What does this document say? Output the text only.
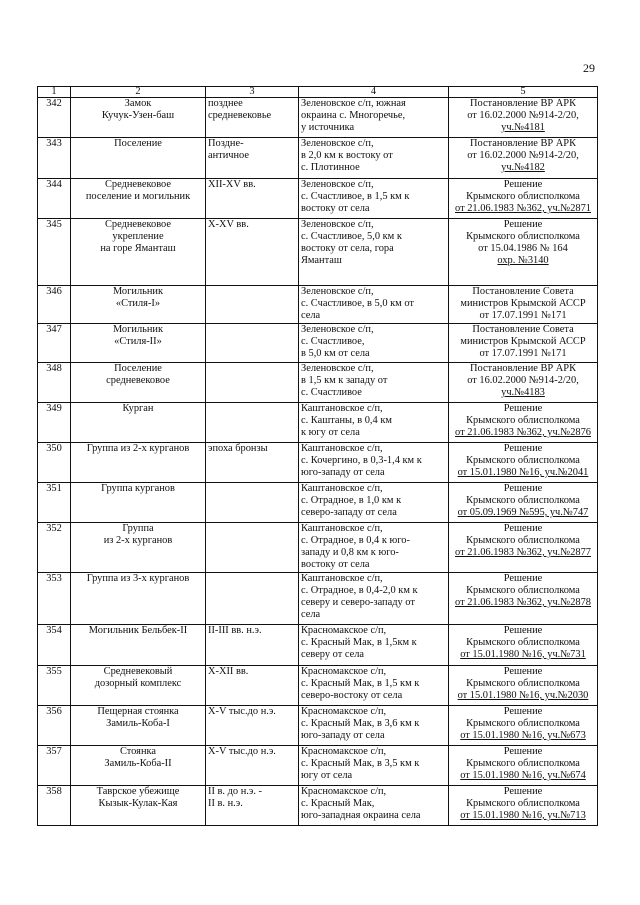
29
1	2	3	4	5
342	Замок
Кучук-Узен-баш	позднее
средневековье	Зеленовское с/п, южная
окраина с. Многоречье,
у источника	Постановление ВР АРК
от 16.02.2000 №914-2/20,
уч.№4181

343	Поселение	Поздне-
античное	Зеленовское с/п,
в 2,0 км к востоку от
с. Плотинное	Постановление ВР АРК
от 16.02.2000 №914-2/20,
уч.№4182

344	Средневековое
поселение и могильник	XII-XV вв.	Зеленовское с/п,
с. Счастливое, в 1,5 км к
востоку от села	Решение
Крымского облисполкома
от 21.06.1983 №362, уч.№2871

345	Средневековое
укрепление
на горе Яманташ	X-XV вв.	Зеленовское с/п,
с. Счастливое, 5,0 км к
востоку от села, гора
Яманташ	Решение
Крымского облисполкома
от 15.04.1986 № 164
охр. №3140

346	Могильник
«Стиля-I»		Зеленовское с/п,
с. Счастливое, в 5,0 км от
села	Постановление Совета
министров Крымской АССР
от 17.07.1991 №171

347	Могильник
«Стиля-II»		Зеленовское с/п,
с. Счастливое,
в 5,0 км от села	Постановление Совета
министров Крымской АССР
от 17.07.1991 №171

348	Поселение
средневековое		Зеленовское с/п,
в 1,5 км к западу от
с. Счастливое	Постановление ВР АРК
от 16.02.2000 №914-2/20,
уч.№4183

349	Курган		Каштановское с/п,
с. Каштаны, в 0,4 км
к югу от села	Решение
Крымского облисполкома
от 21.06.1983 №362, уч.№2876

350	Группа из 2-х курганов	эпоха бронзы	Каштановское с/п,
с. Кочергино, в 0,3-1,4 км к
юго-западу от села	Решение
Крымского облисполкома
от 15.01.1980 №16, уч.№2041

351	Группа курганов		Каштановское с/п,
с. Отрадное, в 1,0 км к
северо-западу от села	Решение
Крымского облисполкома
от 05.09.1969 №595, уч.№747

352	Группа
из 2-х курганов		Каштановское с/п,
с. Отрадное, в 0,4 к юго-
западу и 0,8 км к юго-
востоку от села	Решение
Крымского облисполкома
от 21.06.1983 №362, уч.№2877

353	Группа из 3-х курганов		Каштановское с/п,
с. Отрадное, в 0,4-2,0 км к
северу и северо-западу от
села	Решение
Крымского облисполкома
от 21.06.1983 №362, уч.№2878

354	Могильник Бельбек-II	II-III вв. н.э.	Красномакское с/п,
с. Красный Мак, в 1,5км к
северу от села	Решение
Крымского облисполкома
от 15.01.1980 №16, уч.№731

355	Средневековый
дозорный комплекс	X-XII вв.	Красномакское с/п,
с. Красный Мак, в 1,5 км к
северо-востоку от села	Решение
Крымского облисполкома
от 15.01.1980 №16, уч.№2030

356	Пещерная стоянка
Замиль-Коба-I	X-V тыс.до н.э.	Красномакское с/п,
с. Красный Мак, в 3,6 км к
юго-западу от села	Решение
Крымского облисполкома
от 15.01.1980 №16, уч.№673

357	Стоянка
Замиль-Коба-II	X-V тыс.до н.э.	Красномакское с/п,
с. Красный Мак, в 3,5 км к
югу от села	Решение
Крымского облисполкома
от 15.01.1980 №16, уч.№674

358	Таврское убежище
Кызык-Кулак-Кая	II в. до н.э. -
II в. н.э.	Красномакское с/п,
с. Красный Мак,
юго-западная окраина села	Решение
Крымского облисполкома
от 15.01.1980 №16, уч.№713
